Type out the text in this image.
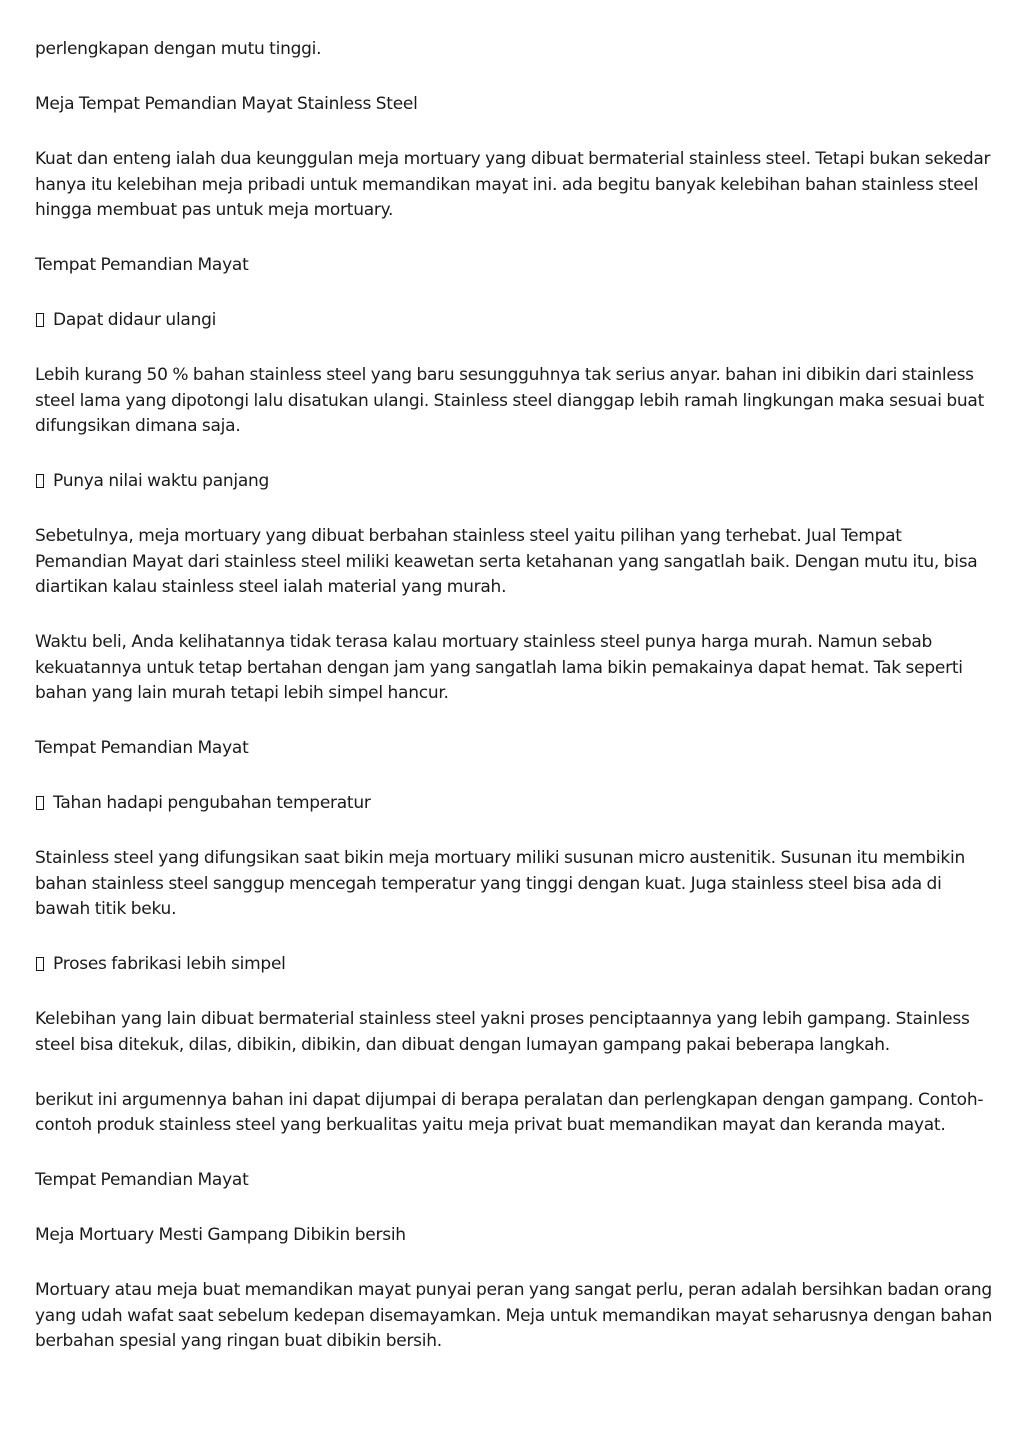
perlengkapan dengan mutu tinggi.

Meja Tempat Pemandian Mayat Stainless Steel

Kuat dan enteng ialah dua keunggulan meja mortuary yang dibuat bermaterial stainless steel. Tetapi bukan sekedar hanya itu kelebihan meja pribadi untuk memandikan mayat ini. ada begitu banyak kelebihan bahan stainless steel hingga membuat pas untuk meja mortuary.

Tempat Pemandian Mayat

Dapat didaur ulangi

Lebih kurang 50 % bahan stainless steel yang baru sesungguhnya tak serius anyar. bahan ini dibikin dari stainless steel lama yang dipotongi lalu disatukan ulangi. Stainless steel dianggap lebih ramah lingkungan maka sesuai buat difungsikan dimana saja.

Punya nilai waktu panjang

Sebetulnya, meja mortuary yang dibuat berbahan stainless steel yaitu pilihan yang terhebat. Jual Tempat Pemandian Mayat dari stainless steel miliki keawetan serta ketahanan yang sangatlah baik. Dengan mutu itu, bisa diartikan kalau stainless steel ialah material yang murah.

Waktu beli, Anda kelihatannya tidak terasa kalau mortuary stainless steel punya harga murah. Namun sebab kekuatannya untuk tetap bertahan dengan jam yang sangatlah lama bikin pemakainya dapat hemat. Tak seperti bahan yang lain murah tetapi lebih simpel hancur.

Tempat Pemandian Mayat

Tahan hadapi pengubahan temperatur

Stainless steel yang difungsikan saat bikin meja mortuary miliki susunan micro austenitik. Susunan itu membikin bahan stainless steel sanggup mencegah temperatur yang tinggi dengan kuat. Juga stainless steel bisa ada di bawah titik beku.

Proses fabrikasi lebih simpel

Kelebihan yang lain dibuat bermaterial stainless steel yakni proses penciptaannya yang lebih gampang. Stainless steel bisa ditekuk, dilas, dibikin, dibikin, dan dibuat dengan lumayan gampang pakai beberapa langkah.

berikut ini argumennya bahan ini dapat dijumpai di berapa peralatan dan perlengkapan dengan gampang. Contoh-contoh produk stainless steel yang berkualitas yaitu meja privat buat memandikan mayat dan keranda mayat.

Tempat Pemandian Mayat

Meja Mortuary Mesti Gampang Dibikin bersih

Mortuary atau meja buat memandikan mayat punyai peran yang sangat perlu, peran adalah bersihkan badan orang yang udah wafat saat sebelum kedepan disemayamkan. Meja untuk memandikan mayat seharusnya dengan bahan berbahan spesial yang ringan buat dibikin bersih.
